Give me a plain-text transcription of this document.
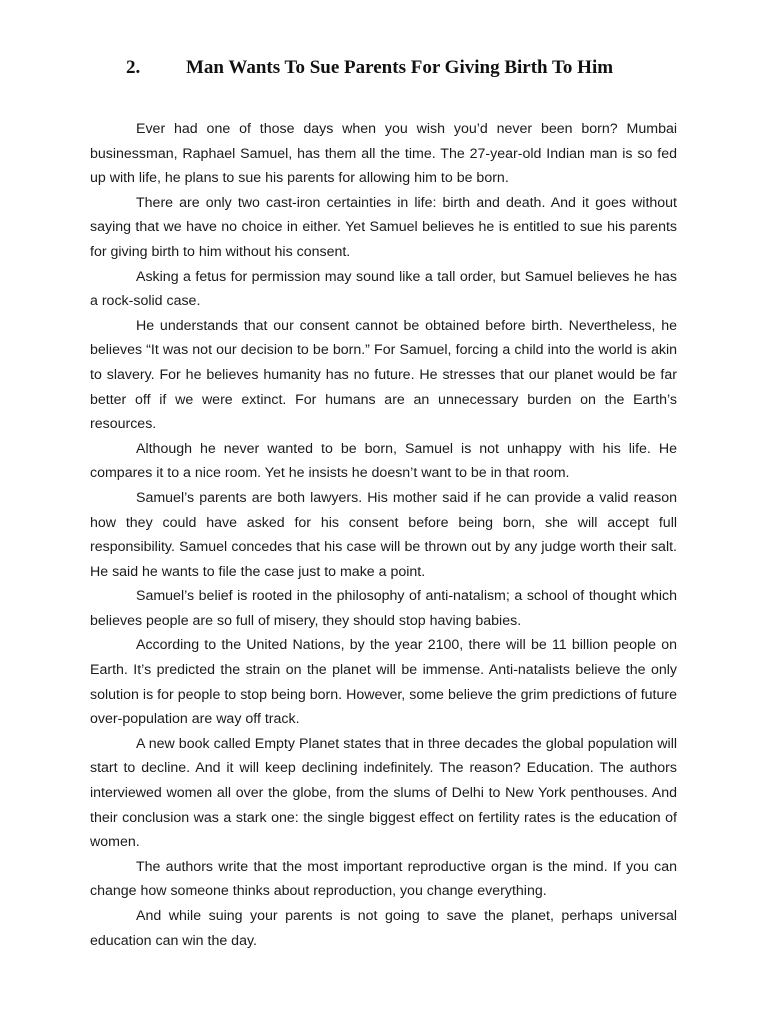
2. Man Wants To Sue Parents For Giving Birth To Him

Ever had one of those days when you wish you’d never been born? Mumbai businessman, Raphael Samuel, has them all the time. The 27-year-old Indian man is so fed up with life, he plans to sue his parents for allowing him to be born.

There are only two cast-iron certainties in life: birth and death. And it goes without saying that we have no choice in either. Yet Samuel believes he is entitled to sue his parents for giving birth to him without his consent.

Asking a fetus for permission may sound like a tall order, but Samuel believes he has a rock-solid case.

He understands that our consent cannot be obtained before birth. Nevertheless, he believes “It was not our decision to be born.” For Samuel, forcing a child into the world is akin to slavery. For he believes humanity has no future. He stresses that our planet would be far better off if we were extinct. For humans are an unnecessary burden on the Earth’s resources.

Although he never wanted to be born, Samuel is not unhappy with his life. He compares it to a nice room. Yet he insists he doesn’t want to be in that room.

Samuel’s parents are both lawyers. His mother said if he can provide a valid reason how they could have asked for his consent before being born, she will accept full responsibility. Samuel concedes that his case will be thrown out by any judge worth their salt. He said he wants to file the case just to make a point.

Samuel’s belief is rooted in the philosophy of anti-natalism; a school of thought which believes people are so full of misery, they should stop having babies.

According to the United Nations, by the year 2100, there will be 11 billion people on Earth. It’s predicted the strain on the planet will be immense. Anti-natalists believe the only solution is for people to stop being born. However, some believe the grim predictions of future over-population are way off track.

A new book called Empty Planet states that in three decades the global population will start to decline. And it will keep declining indefinitely. The reason? Education. The authors interviewed women all over the globe, from the slums of Delhi to New York penthouses. And their conclusion was a stark one: the single biggest effect on fertility rates is the education of women.

The authors write that the most important reproductive organ is the mind. If you can change how someone thinks about reproduction, you change everything.

And while suing your parents is not going to save the planet, perhaps universal education can win the day.
